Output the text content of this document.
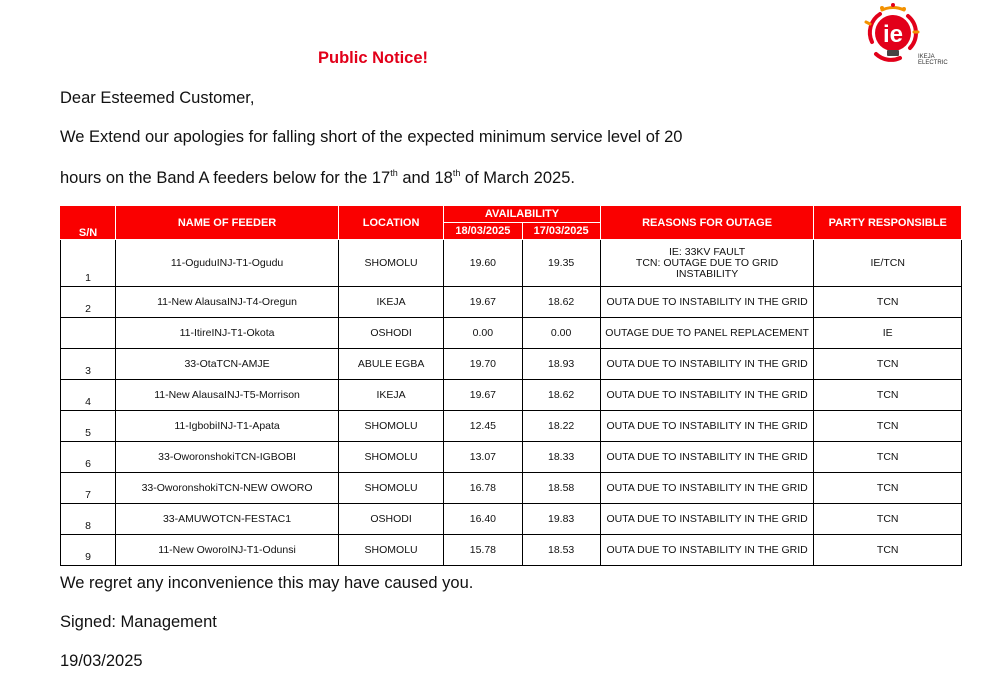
ie
IKEJA
ELECTRIC
Public Notice!
Dear Esteemed Customer,
We Extend our apologies for falling short of the expected minimum service level of 20
hours on the Band A feeders below for the 17th and 18th of March 2025.
S/N	NAME OF FEEDER	LOCATION	AVAILABILITY		REASONS FOR OUTAGE	PARTY RESPONSIBLE
			18/03/2025	17/03/2025		
1	11-OguduINJ-T1-Ogudu	SHOMOLU	19.60	19.35	IE: 33KV FAULT
TCN: OUTAGE DUE TO GRID
INSTABILITY	IE/TCN
2	11-New AlausaINJ-T4-Oregun	IKEJA	19.67	18.62	OUTA DUE TO INSTABILITY IN THE GRID	TCN
	11-ItireINJ-T1-Okota	OSHODI	0.00	0.00	OUTAGE DUE TO PANEL REPLACEMENT	IE
3	33-OtaTCN-AMJE	ABULE EGBA	19.70	18.93	OUTA DUE TO INSTABILITY IN THE GRID	TCN
4	11-New AlausaINJ-T5-Morrison	IKEJA	19.67	18.62	OUTA DUE TO INSTABILITY IN THE GRID	TCN
5	11-IgbobiINJ-T1-Apata	SHOMOLU	12.45	18.22	OUTA DUE TO INSTABILITY IN THE GRID	TCN
6	33-OworonshokiTCN-IGBOBI	SHOMOLU	13.07	18.33	OUTA DUE TO INSTABILITY IN THE GRID	TCN
7	33-OworonshokiTCN-NEW OWORO	SHOMOLU	16.78	18.58	OUTA DUE TO INSTABILITY IN THE GRID	TCN
8	33-AMUWOTCN-FESTAC1	OSHODI	16.40	19.83	OUTA DUE TO INSTABILITY IN THE GRID	TCN
9	11-New OworoINJ-T1-Odunsi	SHOMOLU	15.78	18.53	OUTA DUE TO INSTABILITY IN THE GRID	TCN
We regret any inconvenience this may have caused you.
Signed: Management
19/03/2025
